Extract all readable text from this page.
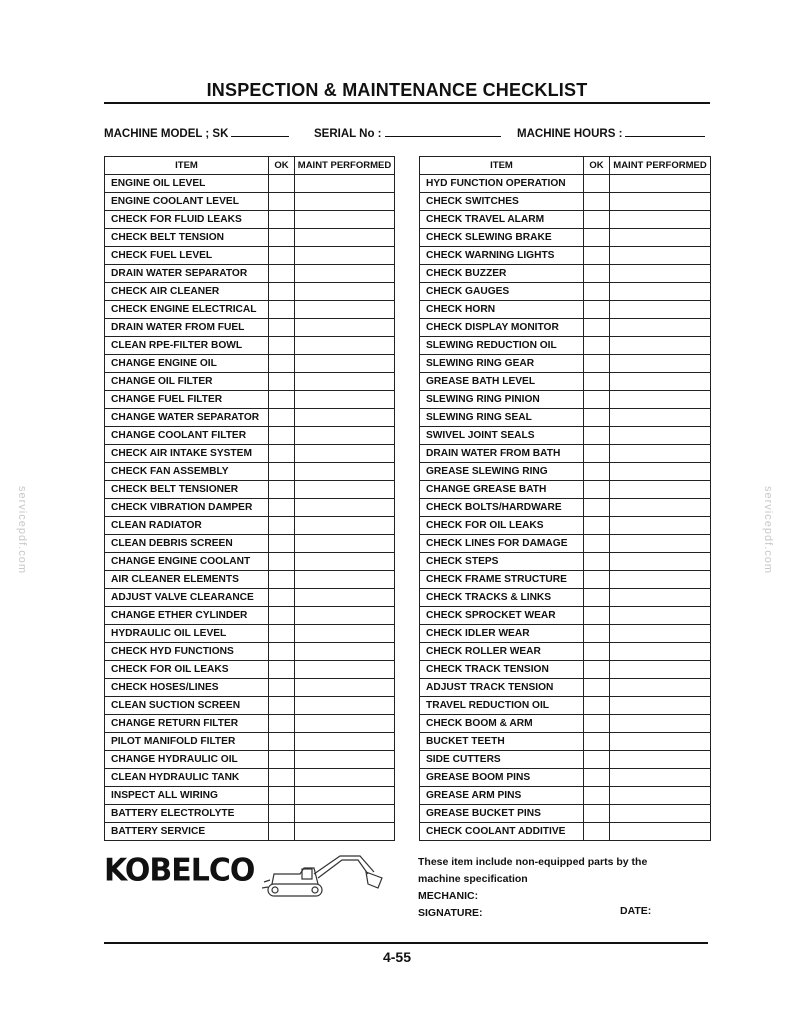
INSPECTION & MAINTENANCE CHECKLIST
MACHINE MODEL ; SK	SERIAL No :	MACHINE HOURS :
ITEM	OK	MAINT PERFORMED
ENGINE OIL LEVEL		
ENGINE COOLANT LEVEL		
CHECK FOR FLUID LEAKS		
CHECK BELT TENSION		
CHECK FUEL LEVEL		
DRAIN WATER SEPARATOR		
CHECK AIR CLEANER		
CHECK ENGINE ELECTRICAL		
DRAIN WATER FROM FUEL		
CLEAN RPE-FILTER BOWL		
CHANGE ENGINE OIL		
CHANGE OIL FILTER		
CHANGE FUEL FILTER		
CHANGE WATER SEPARATOR		
CHANGE COOLANT FILTER		
CHECK AIR INTAKE SYSTEM		
CHECK FAN ASSEMBLY		
CHECK BELT TENSIONER		
CHECK VIBRATION DAMPER		
CLEAN RADIATOR		
CLEAN DEBRIS SCREEN		
CHANGE ENGINE COOLANT		
AIR CLEANER ELEMENTS		
ADJUST VALVE CLEARANCE		
CHANGE ETHER CYLINDER		
HYDRAULIC OIL LEVEL		
CHECK HYD FUNCTIONS		
CHECK FOR OIL LEAKS		
CHECK HOSES/LINES		
CLEAN SUCTION SCREEN		
CHANGE RETURN FILTER		
PILOT MANIFOLD FILTER		
CHANGE HYDRAULIC OIL		
CLEAN HYDRAULIC TANK		
INSPECT ALL WIRING		
BATTERY ELECTROLYTE		
BATTERY SERVICE		
ITEM	OK	MAINT PERFORMED
HYD FUNCTION OPERATION		
CHECK SWITCHES		
CHECK TRAVEL ALARM		
CHECK SLEWING BRAKE		
CHECK WARNING LIGHTS		
CHECK BUZZER		
CHECK GAUGES		
CHECK HORN		
CHECK DISPLAY MONITOR		
SLEWING REDUCTION OIL		
SLEWING RING GEAR		
GREASE BATH LEVEL		
SLEWING RING PINION		
SLEWING RING SEAL		
SWIVEL JOINT SEALS		
DRAIN WATER FROM BATH		
GREASE SLEWING RING		
CHANGE GREASE BATH		
CHECK BOLTS/HARDWARE		
CHECK FOR OIL LEAKS		
CHECK LINES FOR DAMAGE		
CHECK STEPS		
CHECK FRAME STRUCTURE		
CHECK TRACKS & LINKS		
CHECK SPROCKET WEAR		
CHECK IDLER WEAR		
CHECK ROLLER WEAR		
CHECK TRACK TENSION		
ADJUST TRACK TENSION		
TRAVEL REDUCTION OIL		
CHECK BOOM & ARM		
BUCKET TEETH		
SIDE CUTTERS		
GREASE BOOM PINS		
GREASE ARM PINS		
GREASE BUCKET PINS		
CHECK COOLANT ADDITIVE		
KOBELCO	These item include non-equipped parts by the
machine specification
MECHANIC:
SIGNATURE:	DATE:
4-55
servicepdf.com	servicepdf.com
